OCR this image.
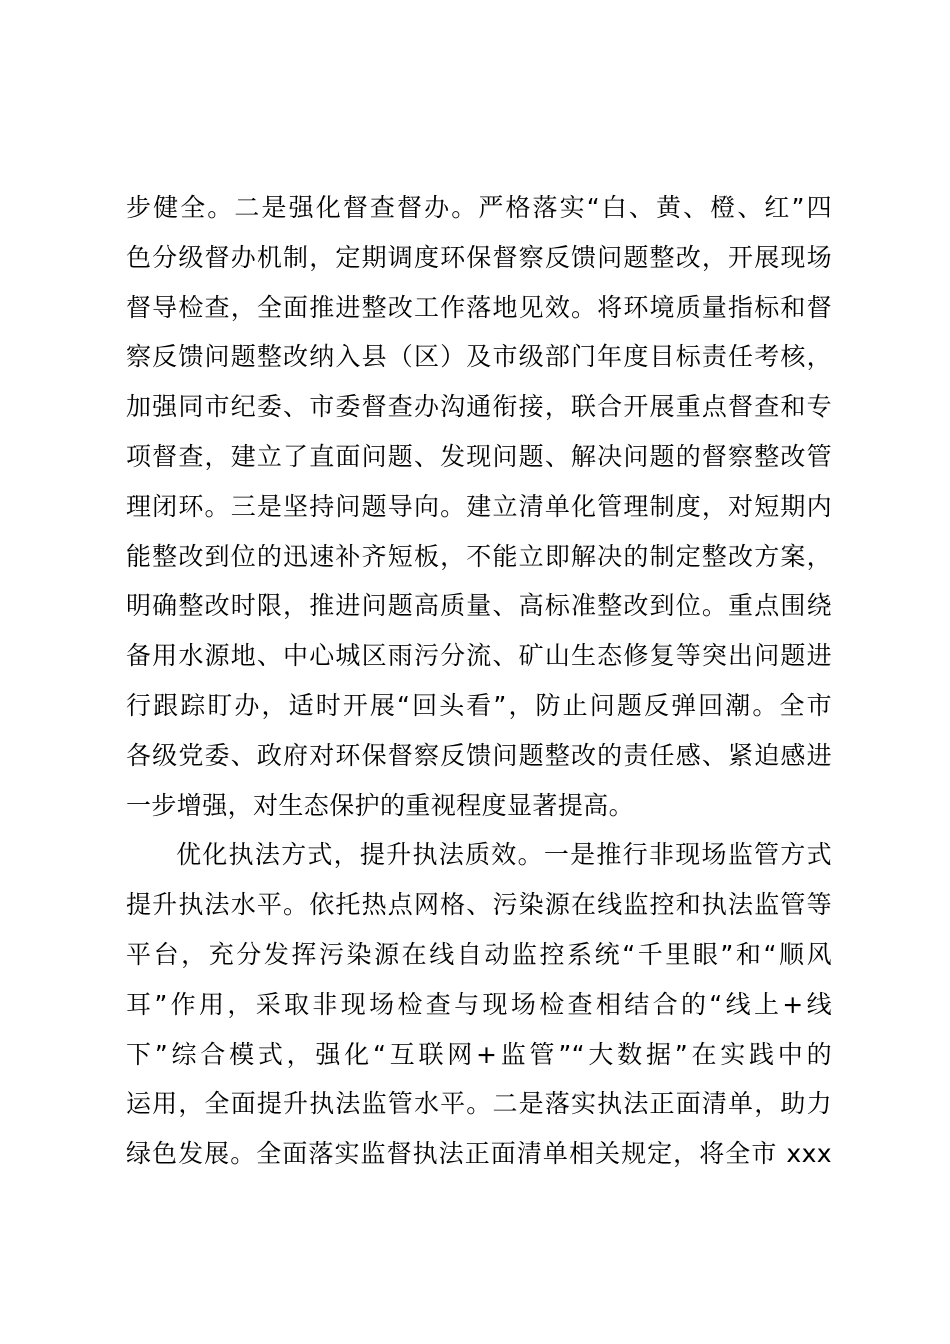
步健全。二是强化督查督办。严格落实“白、黄、橙、红”四
色分级督办机制，定期调度环保督察反馈问题整改，开展现场
督导检查，全面推进整改工作落地见效。将环境质量指标和督
察反馈问题整改纳入县（区）及市级部门年度目标责任考核，
加强同市纪委、市委督查办沟通衔接，联合开展重点督查和专
项督查，建立了直面问题、发现问题、解决问题的督察整改管
理闭环。三是坚持问题导向。建立清单化管理制度，对短期内
能整改到位的迅速补齐短板，不能立即解决的制定整改方案，
明确整改时限，推进问题高质量、高标准整改到位。重点围绕
备用水源地、中心城区雨污分流、矿山生态修复等突出问题进
行跟踪盯办，适时开展“回头看”，防止问题反弹回潮。全市
各级党委、政府对环保督察反馈问题整改的责任感、紧迫感进
一步增强，对生态保护的重视程度显著提高。
优化执法方式，提升执法质效。一是推行非现场监管方式
提升执法水平。依托热点网格、污染源在线监控和执法监管等
平台，充分发挥污染源在线自动监控系统“千里眼”和“顺风
耳”作用，采取非现场检查与现场检查相结合的“线上+线
下”综合模式，强化“互联网+监管”“大数据”在实践中的
运用，全面提升执法监管水平。二是落实执法正面清单，助力
绿色发展。全面落实监督执法正面清单相关规定，将全市 xxx
